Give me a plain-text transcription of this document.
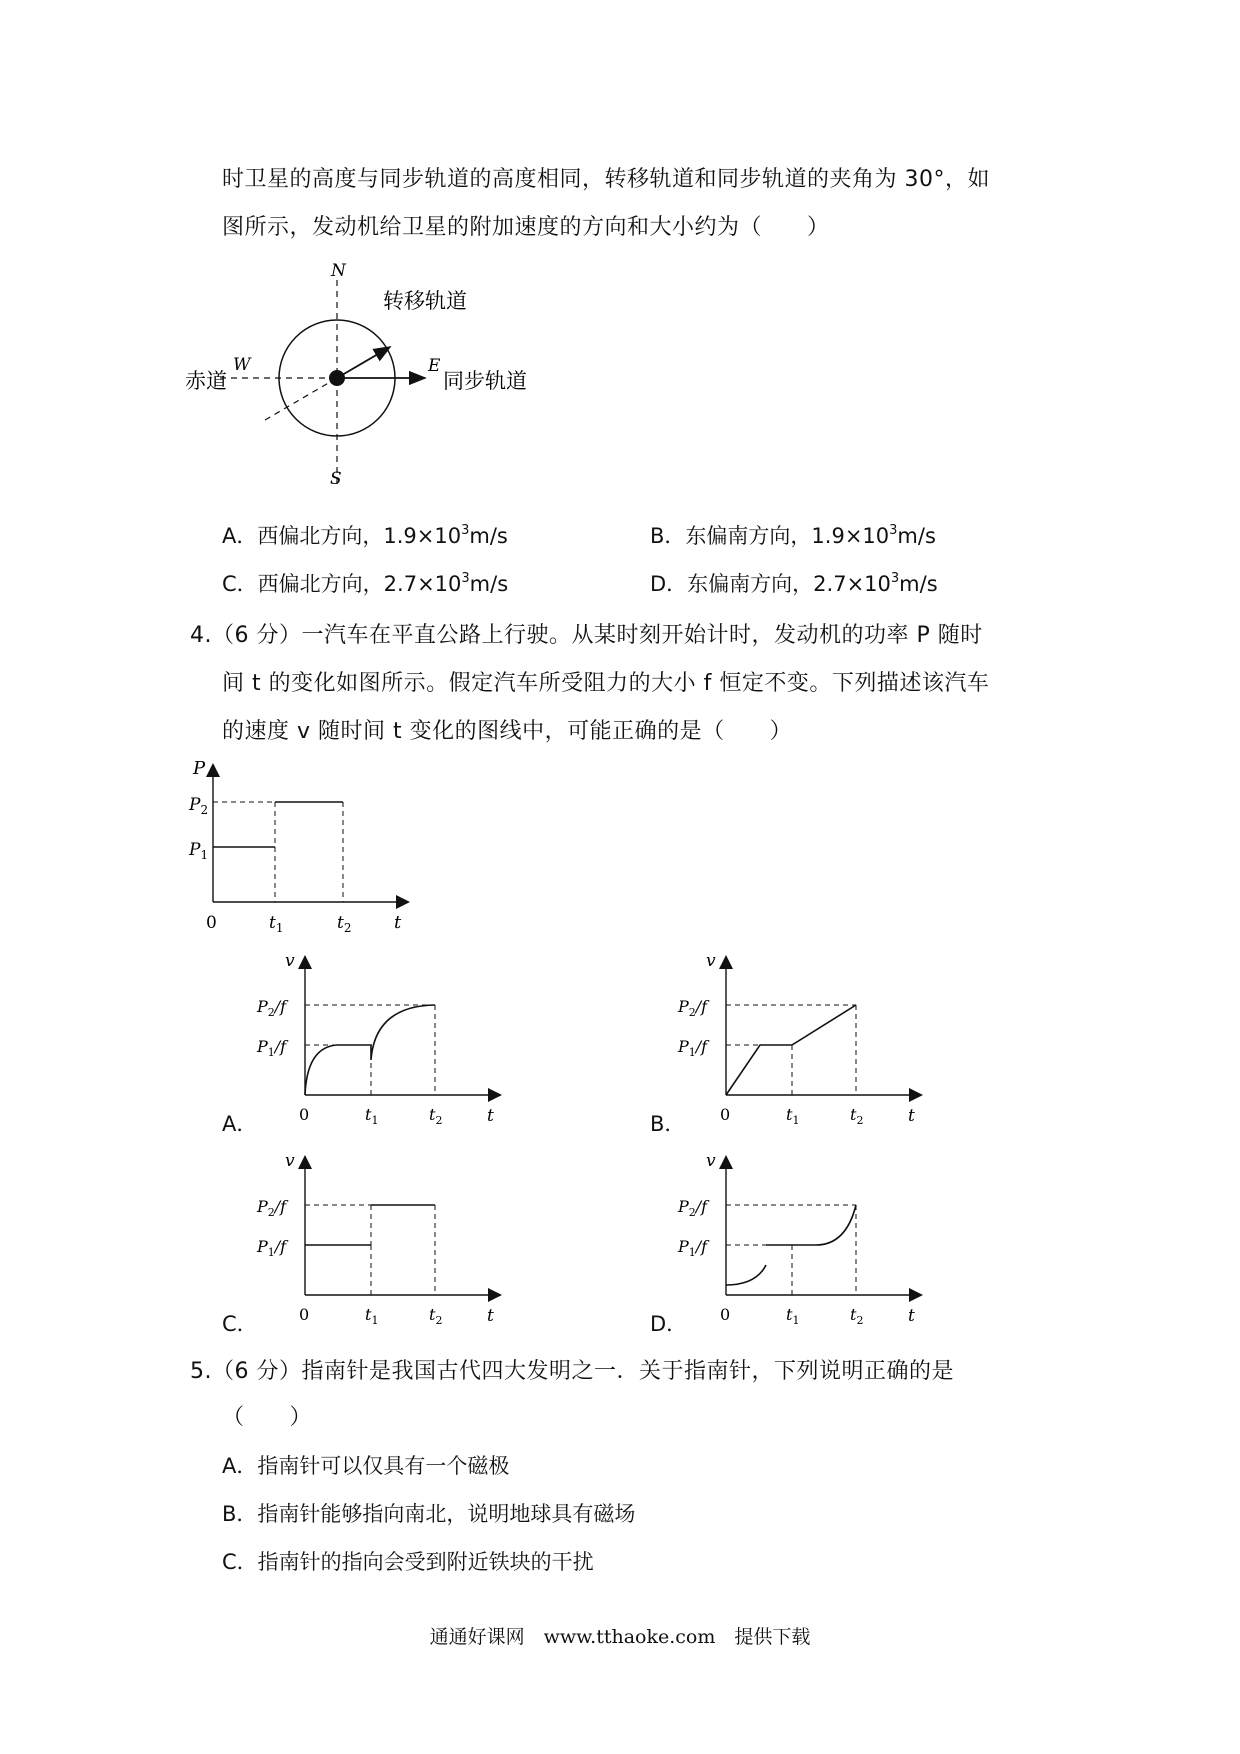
时卫星的高度与同步轨道的高度相同，转移轨道和同步轨道的夹角为 30°，如
图所示，发动机给卫星的附加速度的方向和大小约为（　　）
N
S
W	E
赤道
转移轨道
同步轨道
A．西偏北方向，$1.9\times 10^3m/s$	B．东偏南方向，$1.9\times 10^3m/s$
C．西偏北方向，$2.7\times 10^3m/s$	D．东偏南方向，$2.7\times 10^3m/s$
4.（6 分）一汽车在平直公路上行驶。从某时刻开始计时，发动机的功率 P 随时
间 t 的变化如图所示。假定汽车所受阻力的大小 f 恒定不变。下列描述该汽车
的速度 v 随时间 t 变化的图线中，可能正确的是（　　）
P
t
0
$P_2$
$P_1$
$t_1$	$t_2$
v
t
0
$P_2/f$
$P_1/f$
$t_1$	$t_2$
v
t
0
$P_2/f$
$P_1/f$
$t_1$	$t_2$
v
t
0
$P_2/f$
$P_1/f$
$t_1$	$t_2$
v
t
0
$P_2/f$
$P_1/f$
$t_1$	$t_2$
A．	B．
C．	D．
5.（6 分）指南针是我国古代四大发明之一．关于指南针，下列说明正确的是
（　　）
A．指南针可以仅具有一个磁极
B．指南针能够指向南北，说明地球具有磁场
C．指南针的指向会受到附近铁块的干扰
通通好课网　www.tthaoke.com　提供下载
